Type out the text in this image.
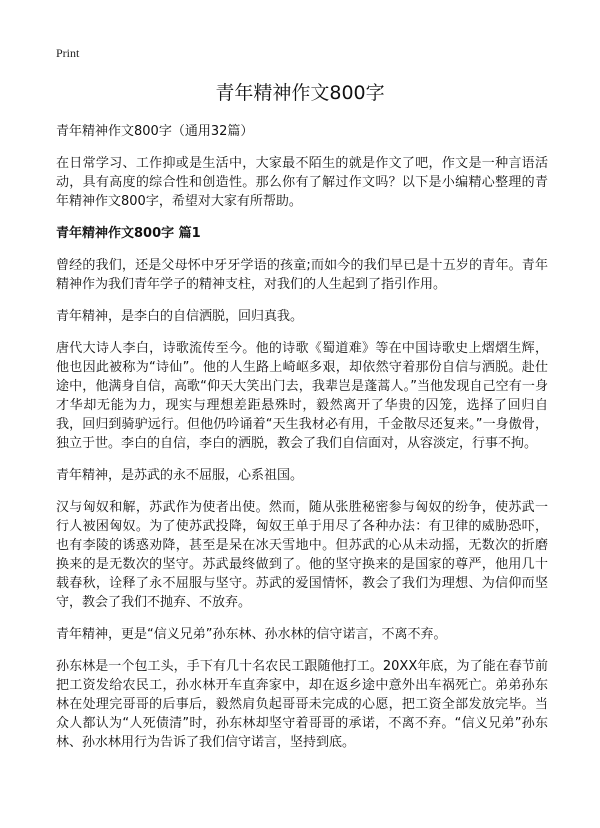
Print
青年精神作文800字

青年精神作文800字（通用32篇）

在日常学习、工作抑或是生活中，大家最不陌生的就是作文了吧，作文是一种言语活动，具有高度的综合性和创造性。那么你有了解过作文吗？以下是小编精心整理的青年精神作文800字，希望对大家有所帮助。

青年精神作文800字 篇1

曾经的我们，还是父母怀中牙牙学语的孩童;而如今的我们早已是十五岁的青年。青年精神作为我们青年学子的精神支柱，对我们的人生起到了指引作用。

青年精神，是李白的自信洒脱，回归真我。

唐代大诗人李白，诗歌流传至今。他的诗歌《蜀道难》等在中国诗歌史上熠熠生辉，他也因此被称为“诗仙”。他的人生路上崎岖多艰，却依然守着那份自信与洒脱。赴仕途中，他满身自信，高歌“仰天大笑出门去，我辈岂是蓬蒿人。”当他发现自己空有一身才华却无能为力，现实与理想差距悬殊时，毅然离开了华贵的囚笼，选择了回归自我，回归到骑驴远行。但他仍吟诵着“天生我材必有用，千金散尽还复来。”一身傲骨，独立于世。李白的自信，李白的洒脱，教会了我们自信面对，从容淡定，行事不拘。

青年精神，是苏武的永不屈服，心系祖国。

汉与匈奴和解，苏武作为使者出使。然而，随从张胜秘密参与匈奴的纷争，使苏武一行人被困匈奴。为了使苏武投降，匈奴王单于用尽了各种办法：有卫律的威胁恐吓，也有李陵的诱惑劝降，甚至是呆在冰天雪地中。但苏武的心从未动摇，无数次的折磨换来的是无数次的坚守。苏武最终做到了。他的坚守换来的是国家的尊严，他用几十载春秋，诠释了永不屈服与坚守。苏武的爱国情怀，教会了我们为理想、为信仰而坚守，教会了我们不抛弃、不放弃。

青年精神，更是“信义兄弟”孙东林、孙水林的信守诺言，不离不弃。

孙东林是一个包工头，手下有几十名农民工跟随他打工。20XX年底，为了能在春节前把工资发给农民工，孙水林开车直奔家中，却在返乡途中意外出车祸死亡。弟弟孙东林在处理完哥哥的后事后，毅然肩负起哥哥未完成的心愿，把工资全部发放完毕。当众人都认为“人死债清”时，孙东林却坚守着哥哥的承诺，不离不弃。“信义兄弟”孙东林、孙水林用行为告诉了我们信守诺言，坚持到底。
